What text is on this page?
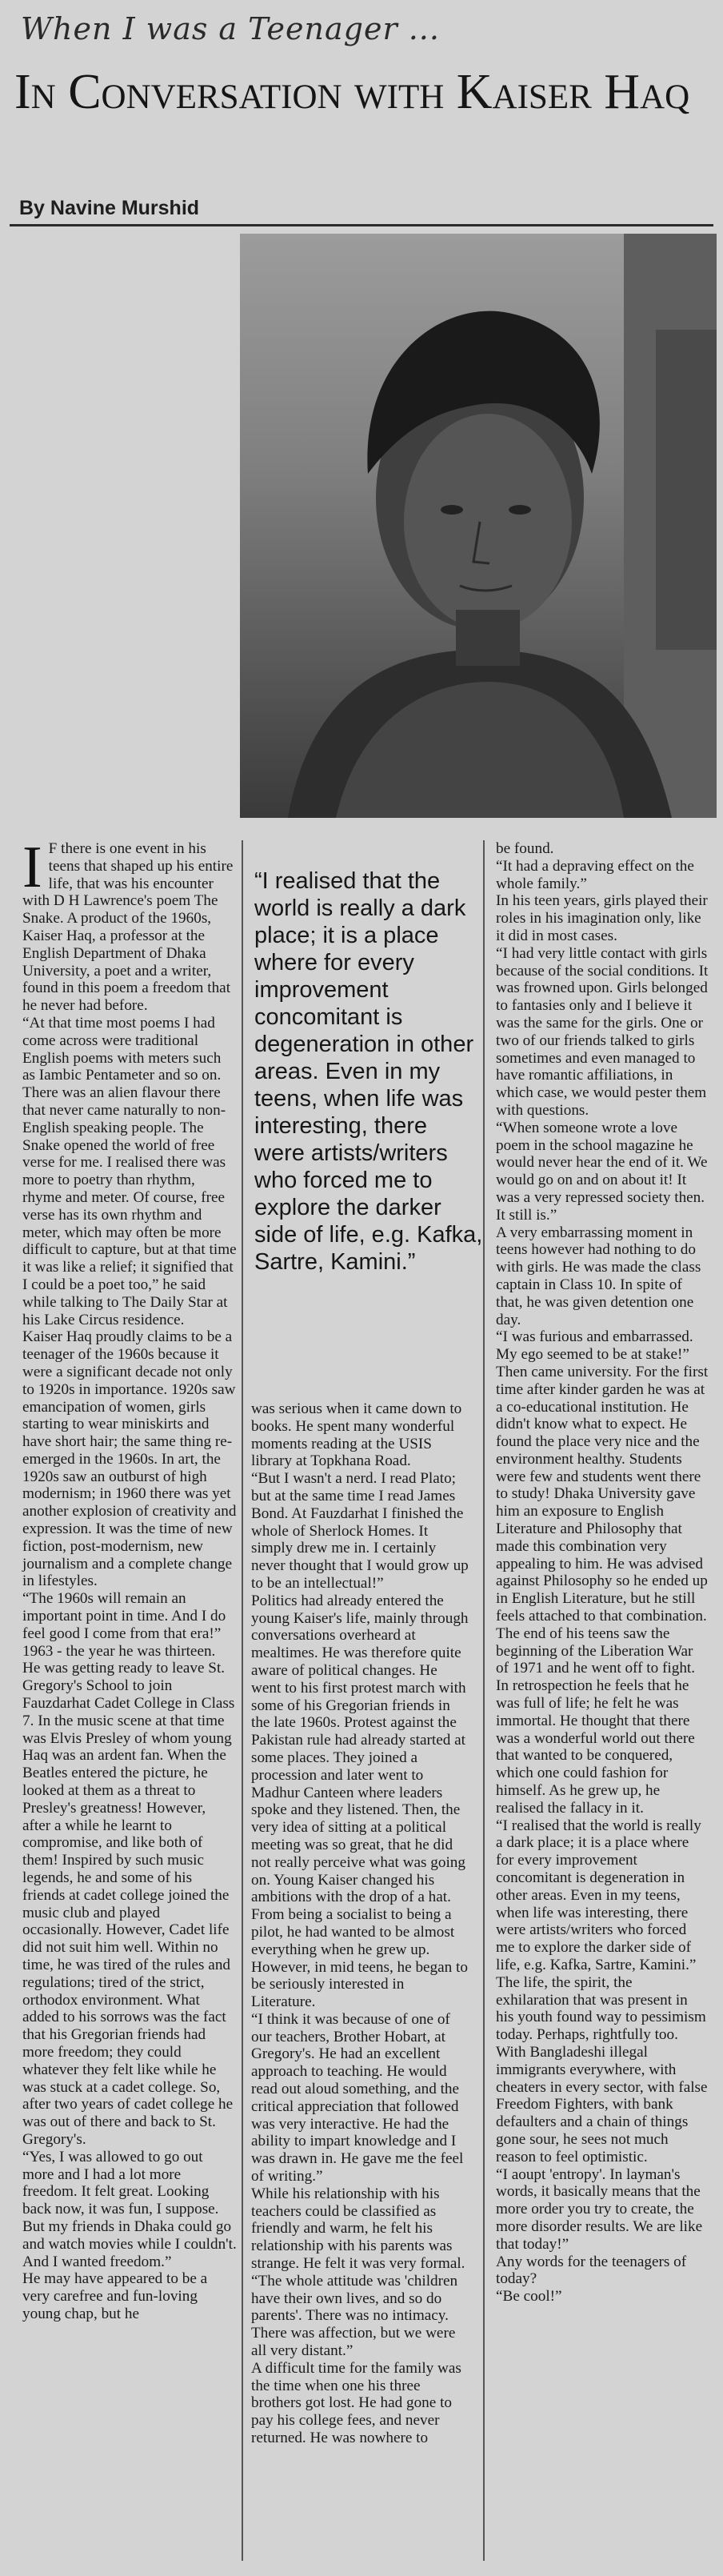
When I was a Teenager ...
In Conversation with Kaiser Haq
By Navine Murshid
“I realised that the world is really a dark place; it is a place where for every improvement concomitant is degeneration in other areas. Even in my teens, when life was interesting, there were artists/writers who forced me to explore the darker side of life, e.g. Kafka, Sartre, Kamini.”
I F there is one event in his teens that shaped up his entire life, that was his encounter with D H Lawrence's poem The Snake. A product of the 1960s, Kaiser Haq, a professor at the English Department of Dhaka University, a poet and a writer, found in this poem a freedom that he never had before.

“At that time most poems I had come across were traditional English poems with meters such as Iambic Pentameter and so on. There was an alien flavour there that never came naturally to non-English speaking people. The Snake opened the world of free verse for me. I realised there was more to poetry than rhythm, rhyme and meter. Of course, free verse has its own rhythm and meter, which may often be more difficult to capture, but at that time it was like a relief; it signified that I could be a poet too,” he said while talking to The Daily Star at his Lake Circus residence.

Kaiser Haq proudly claims to be a teenager of the 1960s because it were a significant decade not only to 1920s in importance. 1920s saw emancipation of women, girls starting to wear miniskirts and have short hair; the same thing re-emerged in the 1960s. In art, the 1920s saw an outburst of high modernism; in 1960 there was yet another explosion of creativity and expression. It was the time of new fiction, post-modernism, new journalism and a complete change in lifestyles.

“The 1960s will remain an important point in time. And I do feel good I come from that era!”

1963 - the year he was thirteen. He was getting ready to leave St. Gregory's School to join Fauzdarhat Cadet College in Class 7. In the music scene at that time was Elvis Presley of whom young Haq was an ardent fan. When the Beatles entered the picture, he looked at them as a threat to Presley's greatness! However, after a while he learnt to compromise, and like both of them! Inspired by such music legends, he and some of his friends at cadet college joined the music club and played occasionally. However, Cadet life did not suit him well. Within no time, he was tired of the rules and regulations; tired of the strict, orthodox environment. What added to his sorrows was the fact that his Gregorian friends had more freedom; they could whatever they felt like while he was stuck at a cadet college. So, after two years of cadet college he was out of there and back to St. Gregory's.

“Yes, I was allowed to go out more and I had a lot more freedom. It felt great. Looking back now, it was fun, I suppose. But my friends in Dhaka could go and watch movies while I couldn't. And I wanted freedom.”

He may have appeared to be a very carefree and fun-loving young chap, but he

was serious when it came down to books. He spent many wonderful moments reading at the USIS library at Topkhana Road.

“But I wasn't a nerd. I read Plato; but at the same time I read James Bond. At Fauzdarhat I finished the whole of Sherlock Homes. It simply drew me in. I certainly never thought that I would grow up to be an intellectual!”

Politics had already entered the young Kaiser's life, mainly through conversations overheard at mealtimes. He was therefore quite aware of political changes. He went to his first protest march with some of his Gregorian friends in the late 1960s. Protest against the Pakistan rule had already started at some places. They joined a procession and later went to Madhur Canteen where leaders spoke and they listened. Then, the very idea of sitting at a political meeting was so great, that he did not really perceive what was going on. Young Kaiser changed his ambitions with the drop of a hat. From being a socialist to being a pilot, he had wanted to be almost everything when he grew up. However, in mid teens, he began to be seriously interested in Literature.

“I think it was because of one of our teachers, Brother Hobart, at Gregory's. He had an excellent approach to teaching. He would read out aloud something, and the critical appreciation that followed was very interactive. He had the ability to impart knowledge and I was drawn in. He gave me the feel of writing.”

While his relationship with his teachers could be classified as friendly and warm, he felt his relationship with his parents was strange. He felt it was very formal.

“The whole attitude was 'children have their own lives, and so do parents'. There was no intimacy. There was affection, but we were all very distant.”

A difficult time for the family was the time when one his three brothers got lost. He had gone to pay his college fees, and never returned. He was nowhere to

be found.

“It had a depraving effect on the whole family.”

In his teen years, girls played their roles in his imagination only, like it did in most cases.

“I had very little contact with girls because of the social conditions. It was frowned upon. Girls belonged to fantasies only and I believe it was the same for the girls. One or two of our friends talked to girls sometimes and even managed to have romantic affiliations, in which case, we would pester them with questions.

“When someone wrote a love poem in the school magazine he would never hear the end of it. We would go on and on about it! It was a very repressed society then. It still is.”

A very embarrassing moment in teens however had nothing to do with girls. He was made the class captain in Class 10. In spite of that, he was given detention one day.

“I was furious and embarrassed. My ego seemed to be at stake!”

Then came university. For the first time after kinder garden he was at a co-educational institution. He didn't know what to expect. He found the place very nice and the environment healthy. Students were few and students went there to study! Dhaka University gave him an exposure to English Literature and Philosophy that made this combination very appealing to him. He was advised against Philosophy so he ended up in English Literature, but he still feels attached to that combination. The end of his teens saw the beginning of the Liberation War of 1971 and he went off to fight.

In retrospection he feels that he was full of life; he felt he was immortal. He thought that there was a wonderful world out there that wanted to be conquered, which one could fashion for himself. As he grew up, he realised the fallacy in it.

“I realised that the world is really a dark place; it is a place where for every improvement concomitant is degeneration in other areas. Even in my teens, when life was interesting, there were artists/writers who forced me to explore the darker side of life, e.g. Kafka, Sartre, Kamini.”

The life, the spirit, the exhilaration that was present in his youth found way to pessimism today. Perhaps, rightfully too. With Bangladeshi illegal immigrants everywhere, with cheaters in every sector, with false Freedom Fighters, with bank defaulters and a chain of things gone sour, he sees not much reason to feel optimistic.

“I aoupt 'entropy'. In layman's words, it basically means that the more order you try to create, the more disorder results. We are like that today!”

Any words for the teenagers of today?

“Be cool!”
